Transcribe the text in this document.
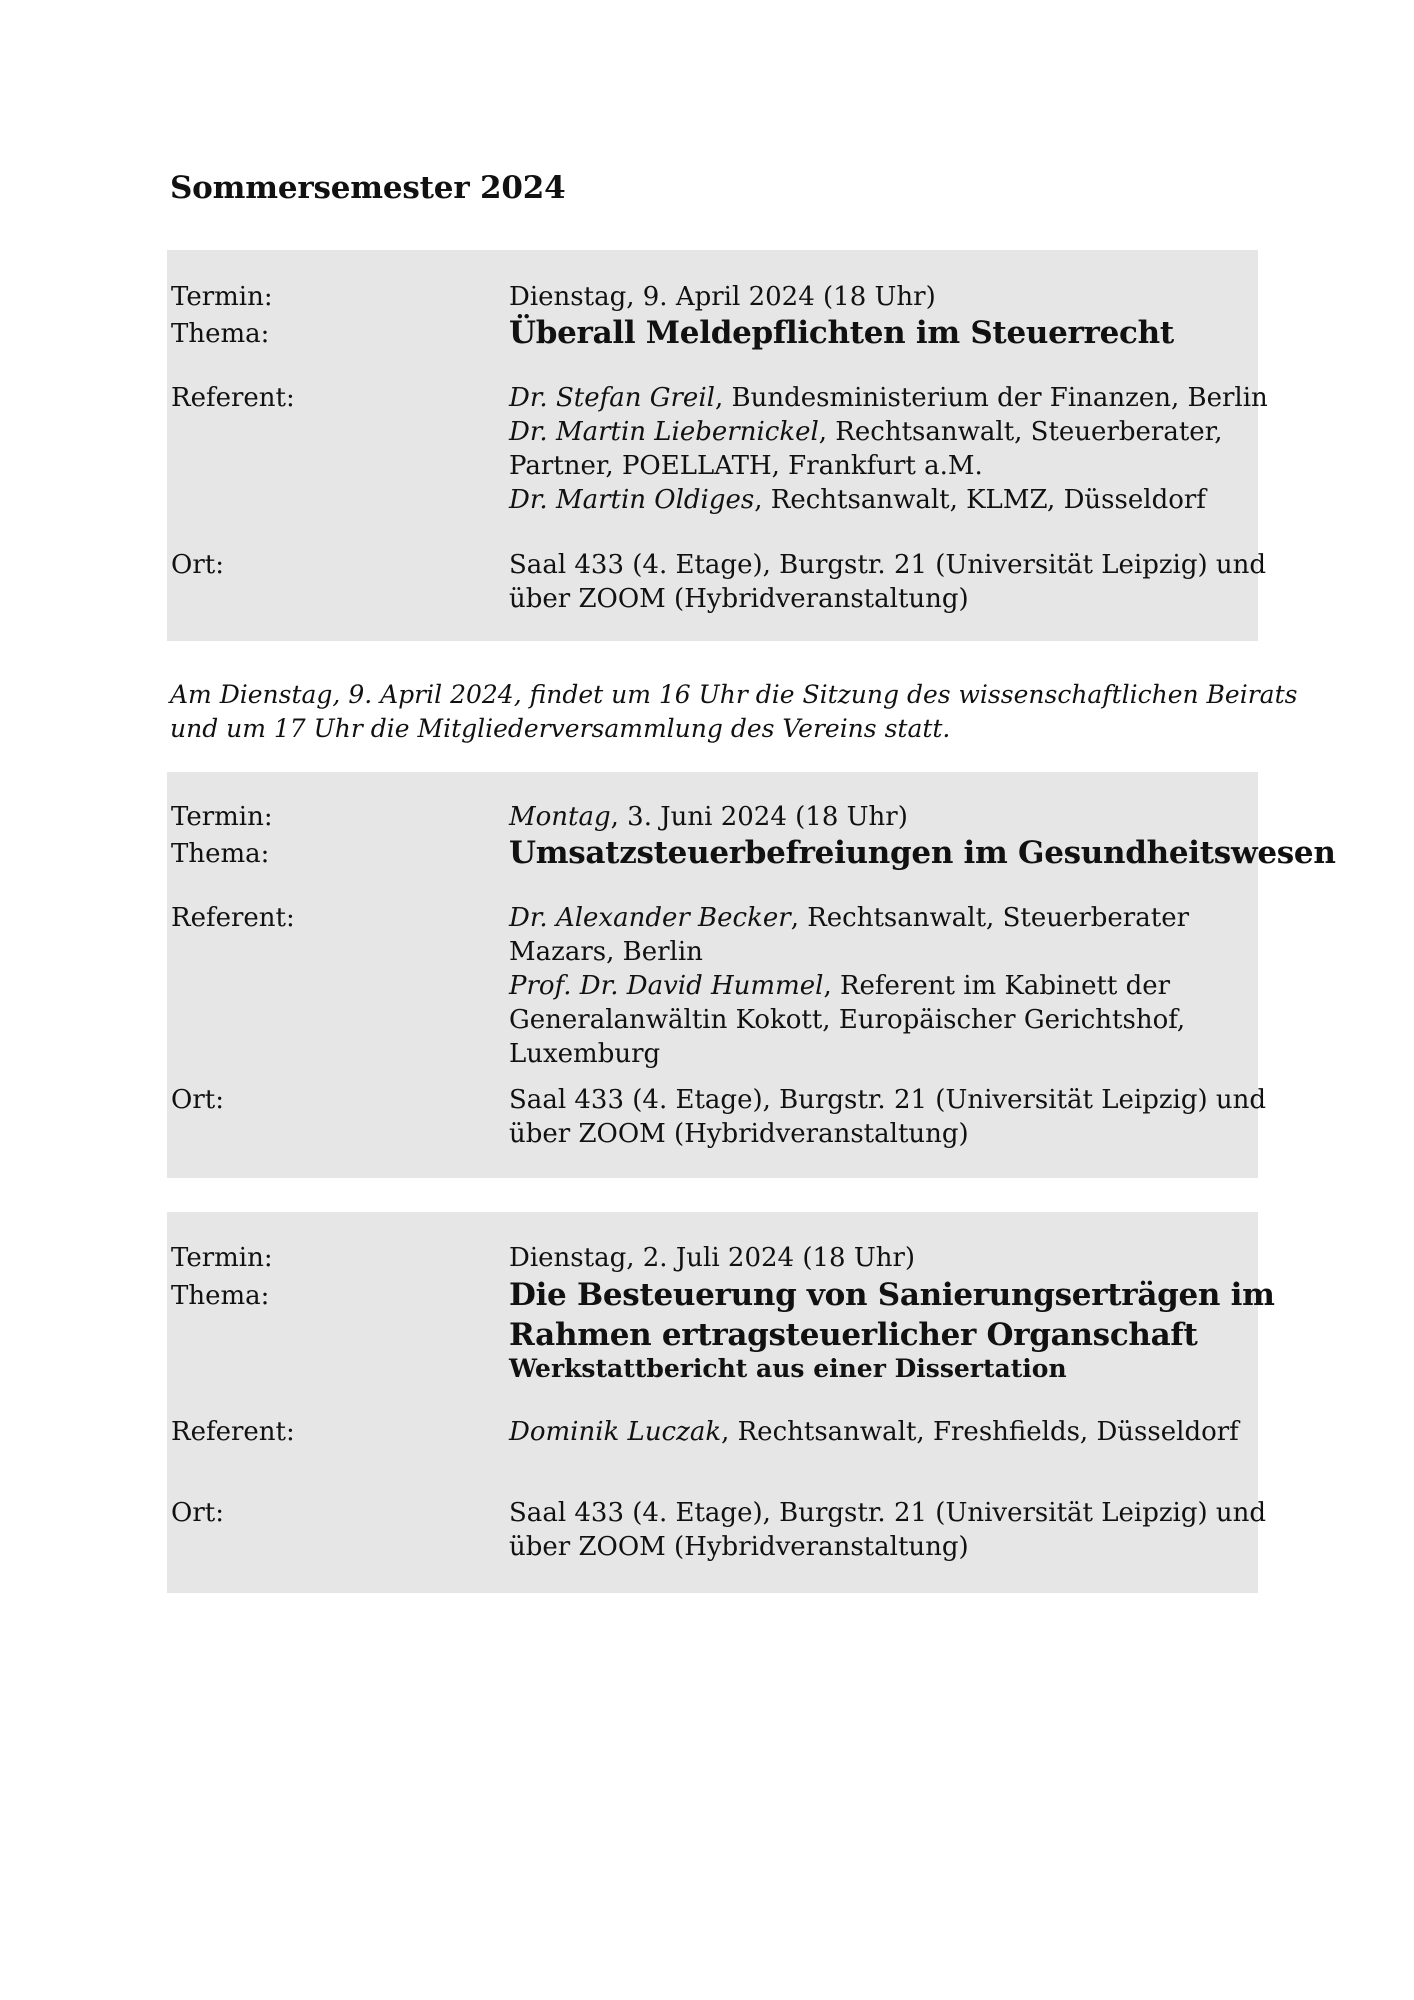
Sommersemester 2024
Termin:	Dienstag, 9. April 2024 (18 Uhr)
Thema:	Überall Meldepflichten im Steuerrecht
Referent:	Dr. Stefan Greil, Bundesministerium der Finanzen, Berlin
Dr. Martin Liebernickel, Rechtsanwalt, Steuerberater,
Partner, POELLATH, Frankfurt a.M.
Dr. Martin Oldiges, Rechtsanwalt, KLMZ, Düsseldorf
Ort:	Saal 433 (4. Etage), Burgstr. 21 (Universität Leipzig) und
über ZOOM (Hybridveranstaltung)
Am Dienstag, 9. April 2024, findet um 16 Uhr die Sitzung des wissenschaftlichen Beirats
und um 17 Uhr die Mitgliederversammlung des Vereins statt.
Termin:	Montag, 3. Juni 2024 (18 Uhr)
Thema:	Umsatzsteuerbefreiungen im Gesundheitswesen
Referent:	Dr. Alexander Becker, Rechtsanwalt, Steuerberater
Mazars, Berlin
Prof. Dr. David Hummel, Referent im Kabinett der
Generalanwältin Kokott, Europäischer Gerichtshof,
Luxemburg
Ort:	Saal 433 (4. Etage), Burgstr. 21 (Universität Leipzig) und
über ZOOM (Hybridveranstaltung)
Termin:	Dienstag, 2. Juli 2024 (18 Uhr)
Thema:	Die Besteuerung von Sanierungserträgen im
Rahmen ertragsteuerlicher Organschaft
Werkstattbericht aus einer Dissertation
Referent:	Dominik Luczak, Rechtsanwalt, Freshfields, Düsseldorf
Ort:	Saal 433 (4. Etage), Burgstr. 21 (Universität Leipzig) und
über ZOOM (Hybridveranstaltung)
